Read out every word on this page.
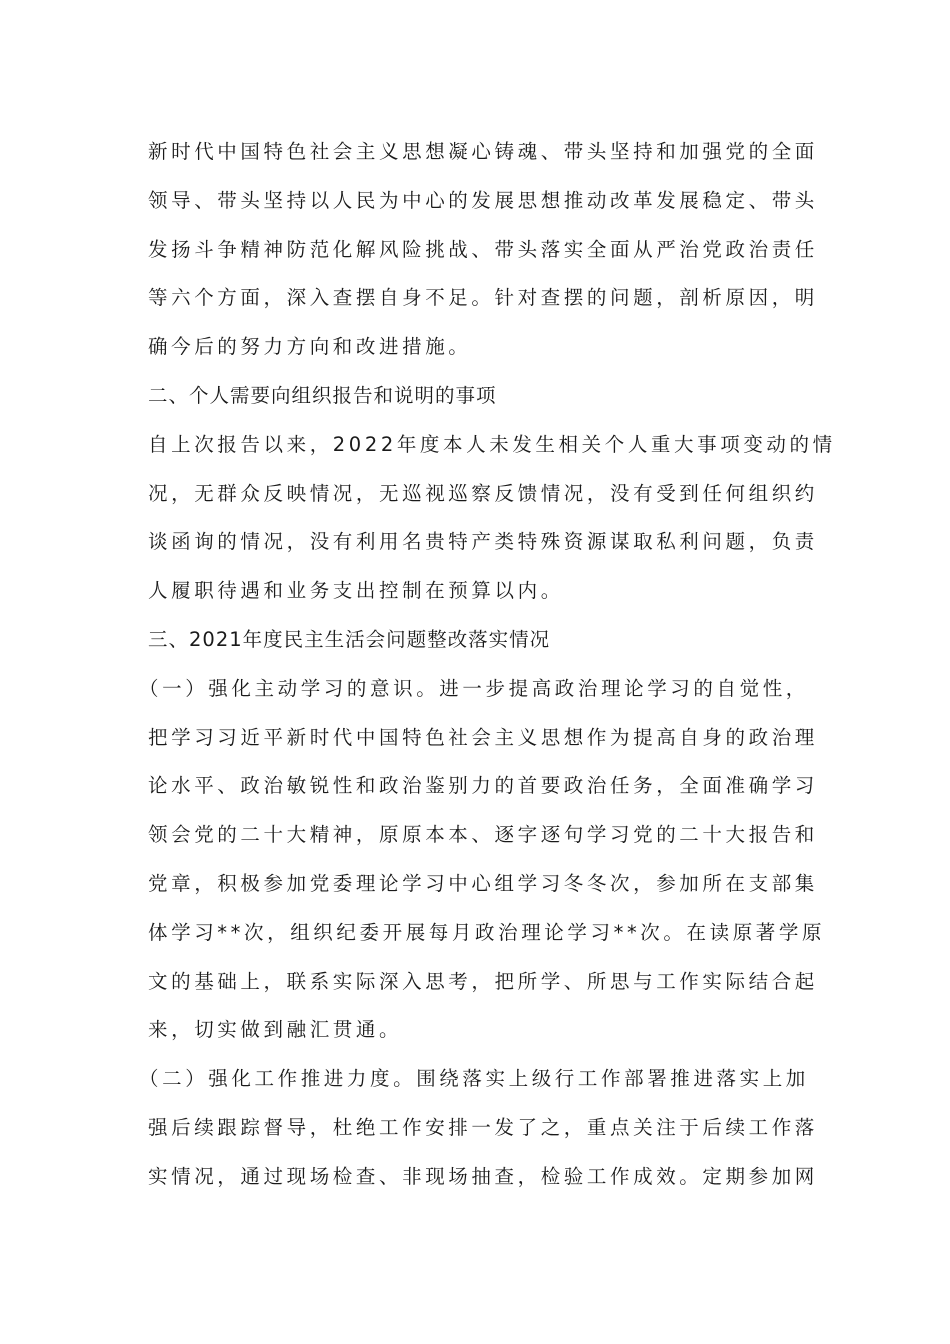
新时代中国特色社会主义思想凝心铸魂、带头坚持和加强党的全面
领导、带头坚持以人民为中心的发展思想推动改革发展稳定、带头
发扬斗争精神防范化解风险挑战、带头落实全面从严治党政治责任
等六个方面，深入查摆自身不足。针对查摆的问题，剖析原因，明
确今后的努力方向和改进措施。
二、个人需要向组织报告和说明的事项
自上次报告以来，2022年度本人未发生相关个人重大事项变动的情
况，无群众反映情况，无巡视巡察反馈情况，没有受到任何组织约
谈函询的情况，没有利用名贵特产类特殊资源谋取私利问题，负责
人履职待遇和业务支出控制在预算以内。
三、2021年度民主生活会问题整改落实情况
（一）强化主动学习的意识。进一步提高政治理论学习的自觉性，
把学习习近平新时代中国特色社会主义思想作为提高自身的政治理
论水平、政治敏锐性和政治鉴别力的首要政治任务，全面准确学习
领会党的二十大精神，原原本本、逐字逐句学习党的二十大报告和
党章，积极参加党委理论学习中心组学习冬冬次，参加所在支部集
体学习**次，组织纪委开展每月政治理论学习**次。在读原著学原
文的基础上，联系实际深入思考，把所学、所思与工作实际结合起
来，切实做到融汇贯通。
（二）强化工作推进力度。围绕落实上级行工作部署推进落实上加
强后续跟踪督导，杜绝工作安排一发了之，重点关注于后续工作落
实情况，通过现场检查、非现场抽查，检验工作成效。定期参加网
